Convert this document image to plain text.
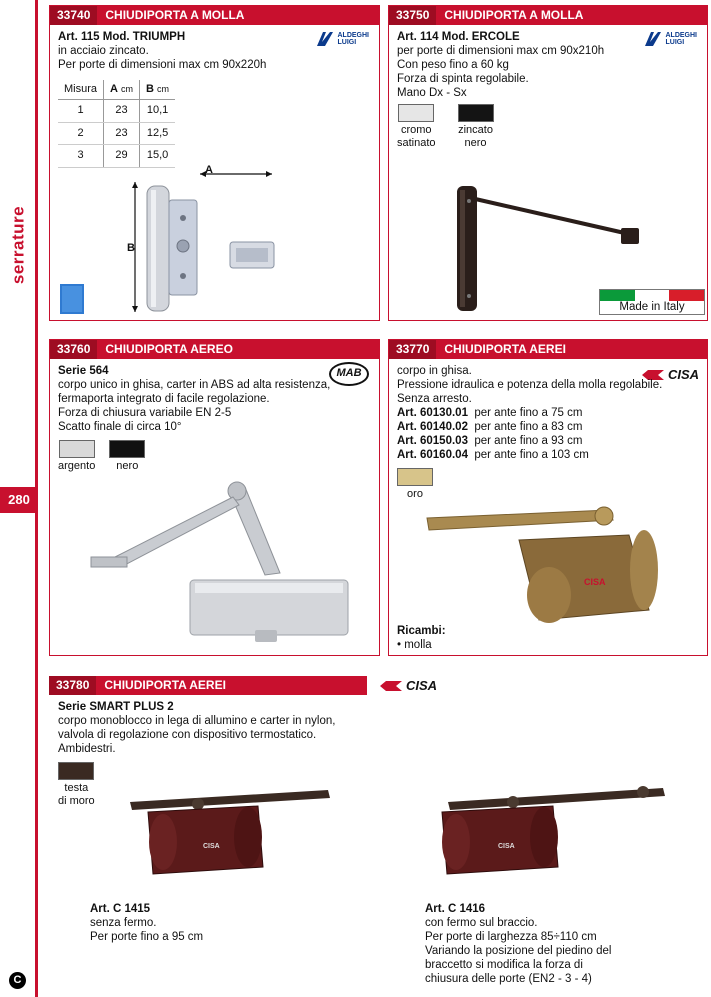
serrature
280
C
33740	CHIUDIPORTA A MOLLA
ALDEGHI
LUIGI
Art. 115 Mod. TRIUMPH
in acciaio zincato.
Per porte di dimensioni max cm 90x220h
Misura	A cm	B cm
1	23	10,1
2	23	12,5
3	29	15,0
A
B
33750	CHIUDIPORTA A MOLLA
ALDEGHI
LUIGI
Art. 114 Mod. ERCOLE
per porte di dimensioni max cm 90x210h
Con peso fino a 60 kg
Forza di spinta regolabile.
Mano Dx - Sx
cromo
satinato
zincato
nero
Made in Italy
33760	CHIUDIPORTA AEREO
MAB
Serie 564
corpo unico in ghisa, carter in ABS ad alta resistenza,
fermaporta integrato di facile regolazione.
Forza di chiusura variabile EN 2-5
Scatto finale di circa 10°
argento nero
33770	CHIUDIPORTA AEREI
CISA
corpo in ghisa.
Pressione idraulica e potenza della molla regolabile.
Senza arresto.
Art. 60130.01 per ante fino a 75 cm
Art. 60140.02 per ante fino a 83 cm
Art. 60150.03 per ante fino a 93 cm
Art. 60160.04 per ante fino a 103 cm
oro
CISA
Ricambi:
• molla
CISA
33780	CHIUDIPORTA AEREI
Serie SMART PLUS 2
corpo monoblocco in lega di allumino e carter in nylon,
valvola di regolazione con dispositivo termostatico.
Ambidestri.
testa
di moro
CISA
Art. C 1415
senza fermo.
Per porte fino a 95 cm
CISA
Art. C 1416
con fermo sul braccio.
Per porte di larghezza 85÷110 cm
Variando la posizione del piedino del
braccetto si modifica la forza di
chiusura delle porte (EN2 - 3 - 4)
